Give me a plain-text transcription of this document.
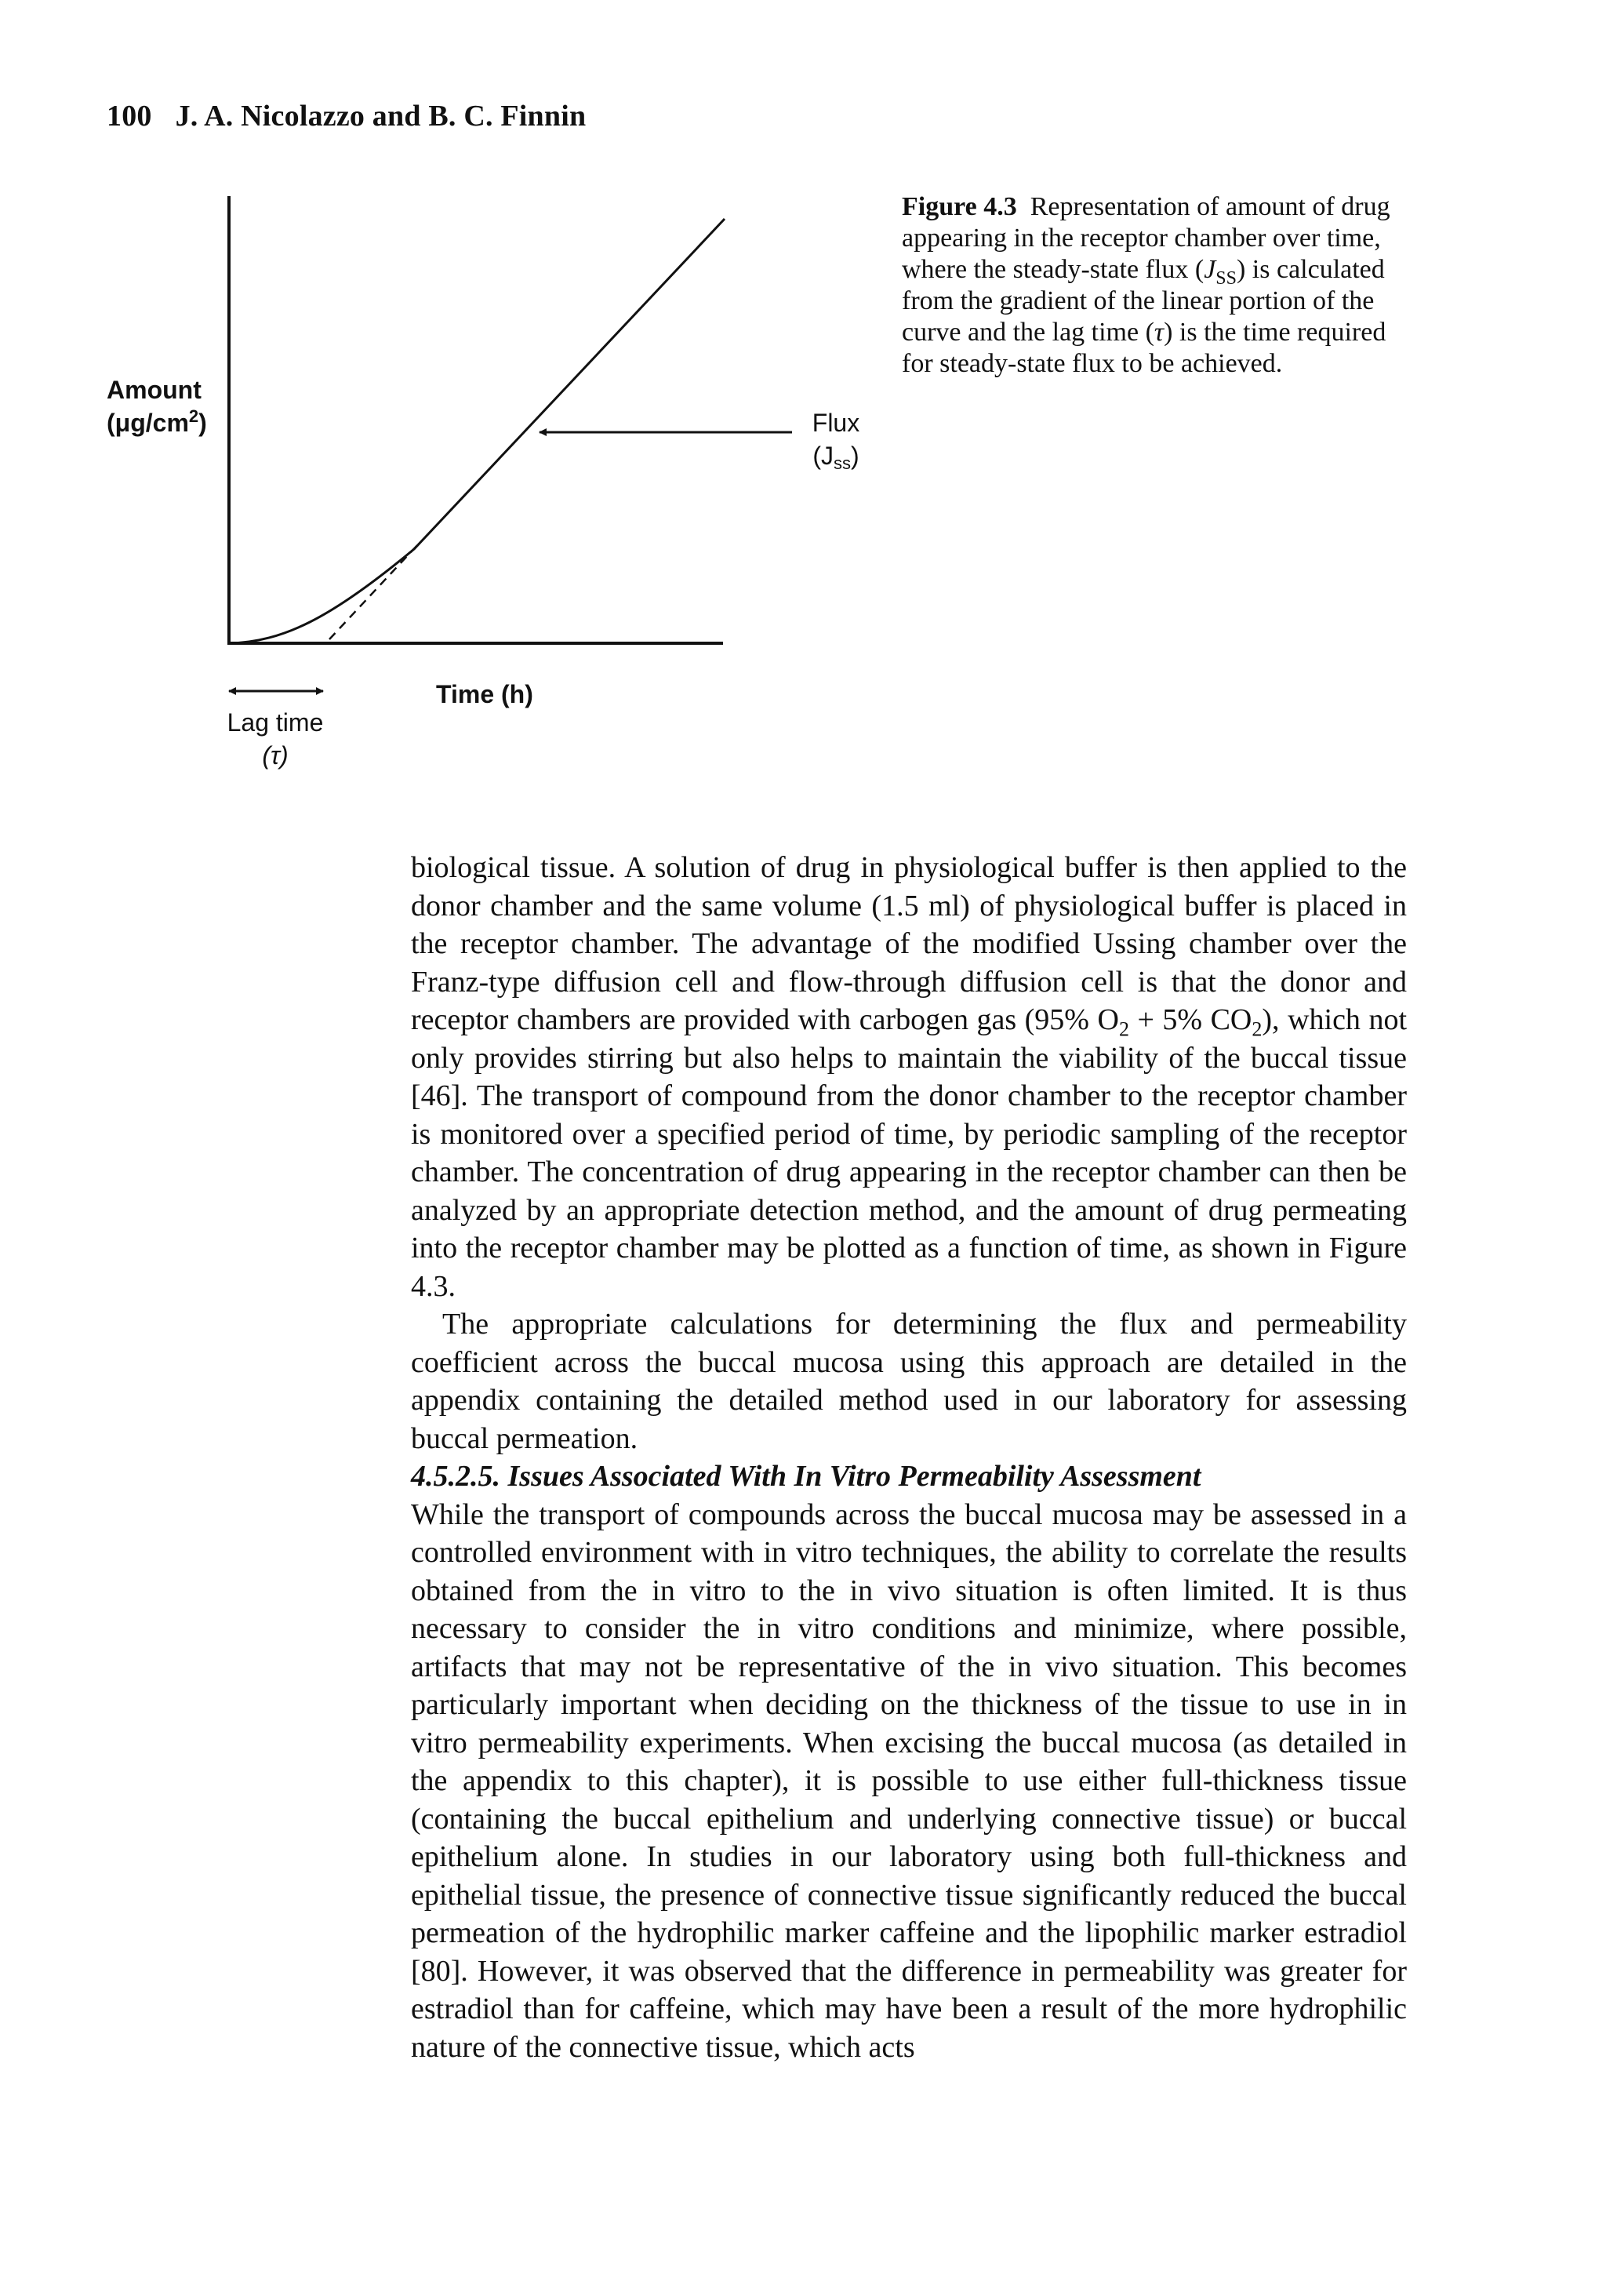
100 J. A. Nicolazzo and B. C. Finnin
Amount
$(\mu g/cm^2)$
Time (h)
Flux
$(J_{ss})$
Lag time
(τ)
Figure 4.3 Representation of amount of drug appearing in the receptor chamber over time, where the steady-state flux $(J_{SS})$ is calculated from the gradient of the linear portion of the curve and the lag time (τ) is the time required for steady-state flux to be achieved.

biological tissue. A solution of drug in physiological buffer is then applied to the donor chamber and the same volume (1.5 ml) of physiological buffer is placed in the receptor chamber. The advantage of the modified Ussing chamber over the Franz-type diffusion cell and flow-through diffusion cell is that the donor and receptor chambers are provided with carbogen gas (95% $O_2 + 5\%$ $CO_2$), which not only provides stirring but also helps to maintain the viability of the buccal tissue [46]. The transport of compound from the donor chamber to the receptor chamber is monitored over a specified period of time, by periodic sampling of the receptor chamber. The concentration of drug appearing in the receptor chamber can then be analyzed by an appropriate detection method, and the amount of drug permeating into the receptor chamber may be plotted as a function of time, as shown in Figure 4.3.

The appropriate calculations for determining the flux and permeability coefficient across the buccal mucosa using this approach are detailed in the appendix containing the detailed method used in our laboratory for assessing buccal permeation.

4.5.2.5. Issues Associated With In Vitro Permeability Assessment

While the transport of compounds across the buccal mucosa may be assessed in a controlled environment with in vitro techniques, the ability to correlate the results obtained from the in vitro to the in vivo situation is often limited. It is thus necessary to consider the in vitro conditions and minimize, where possible, artifacts that may not be representative of the in vivo situation. This becomes particularly important when deciding on the thickness of the tissue to use in in vitro permeability experiments. When excising the buccal mucosa (as detailed in the appendix to this chapter), it is possible to use either full-thickness tissue (containing the buccal epithelium and underlying connective tissue) or buccal epithelium alone. In studies in our laboratory using both full-thickness and epithelial tissue, the presence of connective tissue significantly reduced the buccal permeation of the hydrophilic marker caffeine and the lipophilic marker estradiol [80]. However, it was observed that the difference in permeability was greater for estradiol than for caffeine, which may have been a result of the more hydrophilic nature of the connective tissue, which acts
